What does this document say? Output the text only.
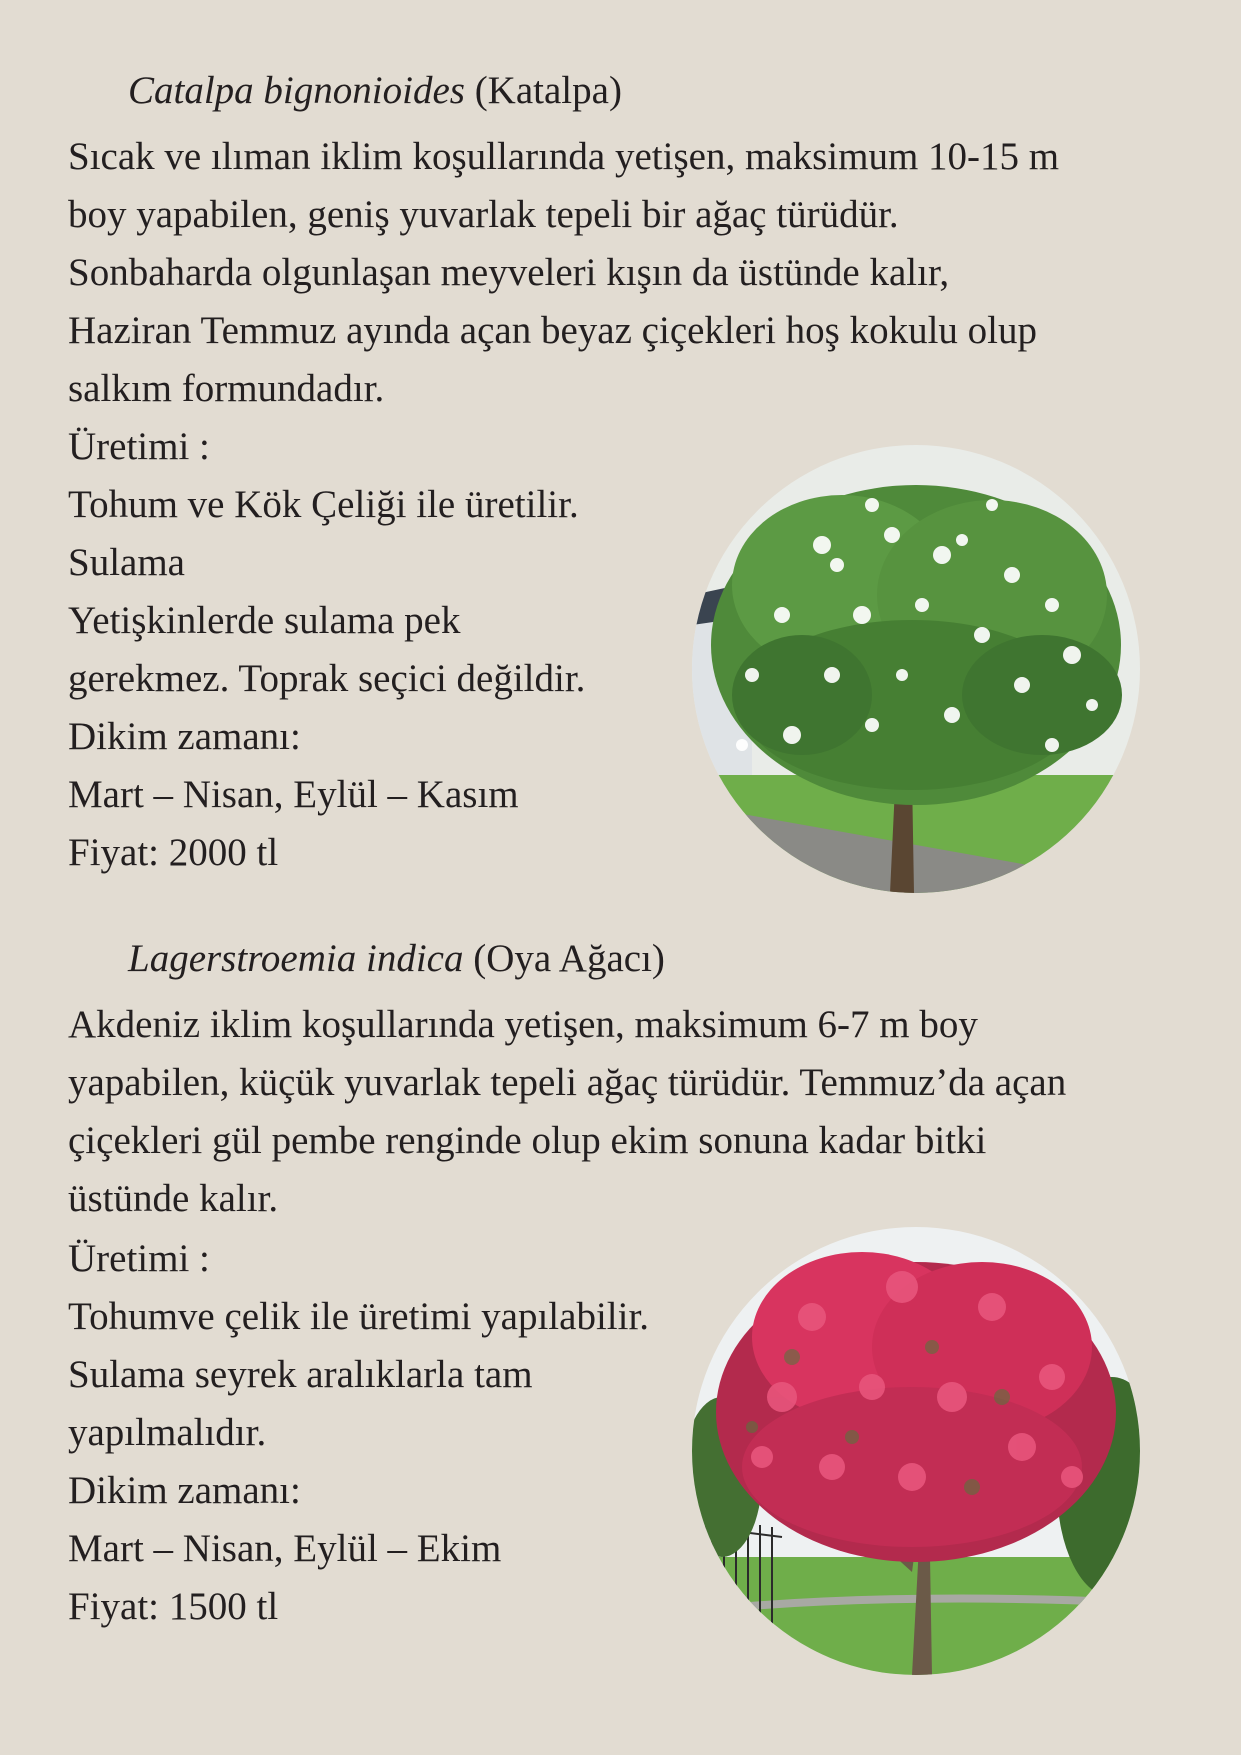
Catalpa bignonioides (Katalpa)
Sıcak ve ılıman iklim koşullarında yetişen, maksimum 10-15 m
boy yapabilen, geniş yuvarlak tepeli bir ağaç türüdür.
Sonbaharda olgunlaşan meyveleri kışın da üstünde kalır,
Haziran Temmuz ayında açan beyaz çiçekleri hoş kokulu olup
salkım formundadır.
Üretimi :
Tohum ve Kök Çeliği ile üretilir.
Sulama
Yetişkinlerde sulama pek
gerekmez. Toprak seçici değildir.
Dikim zamanı:
Mart – Nisan, Eylül – Kasım
Fiyat: 2000 tl
Lagerstroemia indica (Oya Ağacı)
Akdeniz iklim koşullarında yetişen, maksimum 6-7 m boy
yapabilen, küçük yuvarlak tepeli ağaç türüdür. Temmuz’da açan
çiçekleri gül pembe renginde olup ekim sonuna kadar bitki
üstünde kalır.
Üretimi :
Tohumve çelik ile üretimi yapılabilir.
Sulama seyrek aralıklarla tam
yapılmalıdır.
Dikim zamanı:
Mart – Nisan, Eylül – Ekim
Fiyat: 1500 tl
